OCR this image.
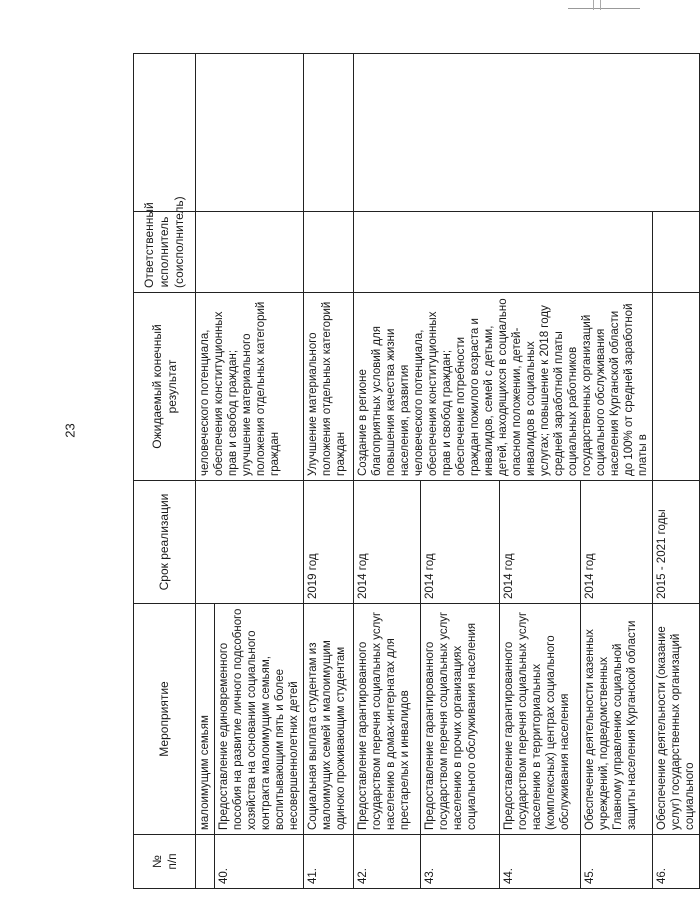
23
№
п/п	Мероприятие	Срок реализации	Ожидаемый конечный результат	Ответственный исполнитель (соисполнитель)	
	малоимущим семьям		человеческого потенциала, обеспечения конституционных прав и свобод граждан; улучшение материального положения отдельных категорий граждан		
40.	Предоставление единовременного пособия на развитие личного подсобного хозяйства на основании социального контракта малоимущим семьям, воспитывающим пять и более несовершеннолетних детей				
41.	Социальная выплата студентам из малоимущих семей и малоимущим одиноко проживающим студентам	2019 год	Улучшение материального положения отдельных категорий граждан		
42.	Предоставление гарантированного государством перечня социальных услуг населению в домах-интернатах для престарелых и инвалидов	2014 год	Создание в регионе благоприятных условий для повышения качества жизни населения, развития человеческого потенциала, обеспечения конституционных прав и свобод граждан; обеспечение потребности граждан пожилого возраста и инвалидов, семей с детьми, детей, находящихся в социально опасном положении, детей-инвалидов в социальных услугах; повышение к 2018 году средней заработной платы социальных работников государственных организаций социального обслуживания населения Курганской области до 100% от средней заработной платы в		
43.	Предоставление гарантированного государством перечня социальных услуг населению в прочих организациях социального обслуживания населения	2014 год			
44.	Предоставление гарантированного государством перечня социальных услуг населению в территориальных (комплексных) центрах социального обслуживания населения	2014 год			
45.	Обеспечение деятельности казенных учреждений, подведомственных Главному управлению социальной защиты населения Курганской области	2014 год			
46.	Обеспечение деятельности (оказание услуг) государственных организаций социального	2015 - 2021 годы			
